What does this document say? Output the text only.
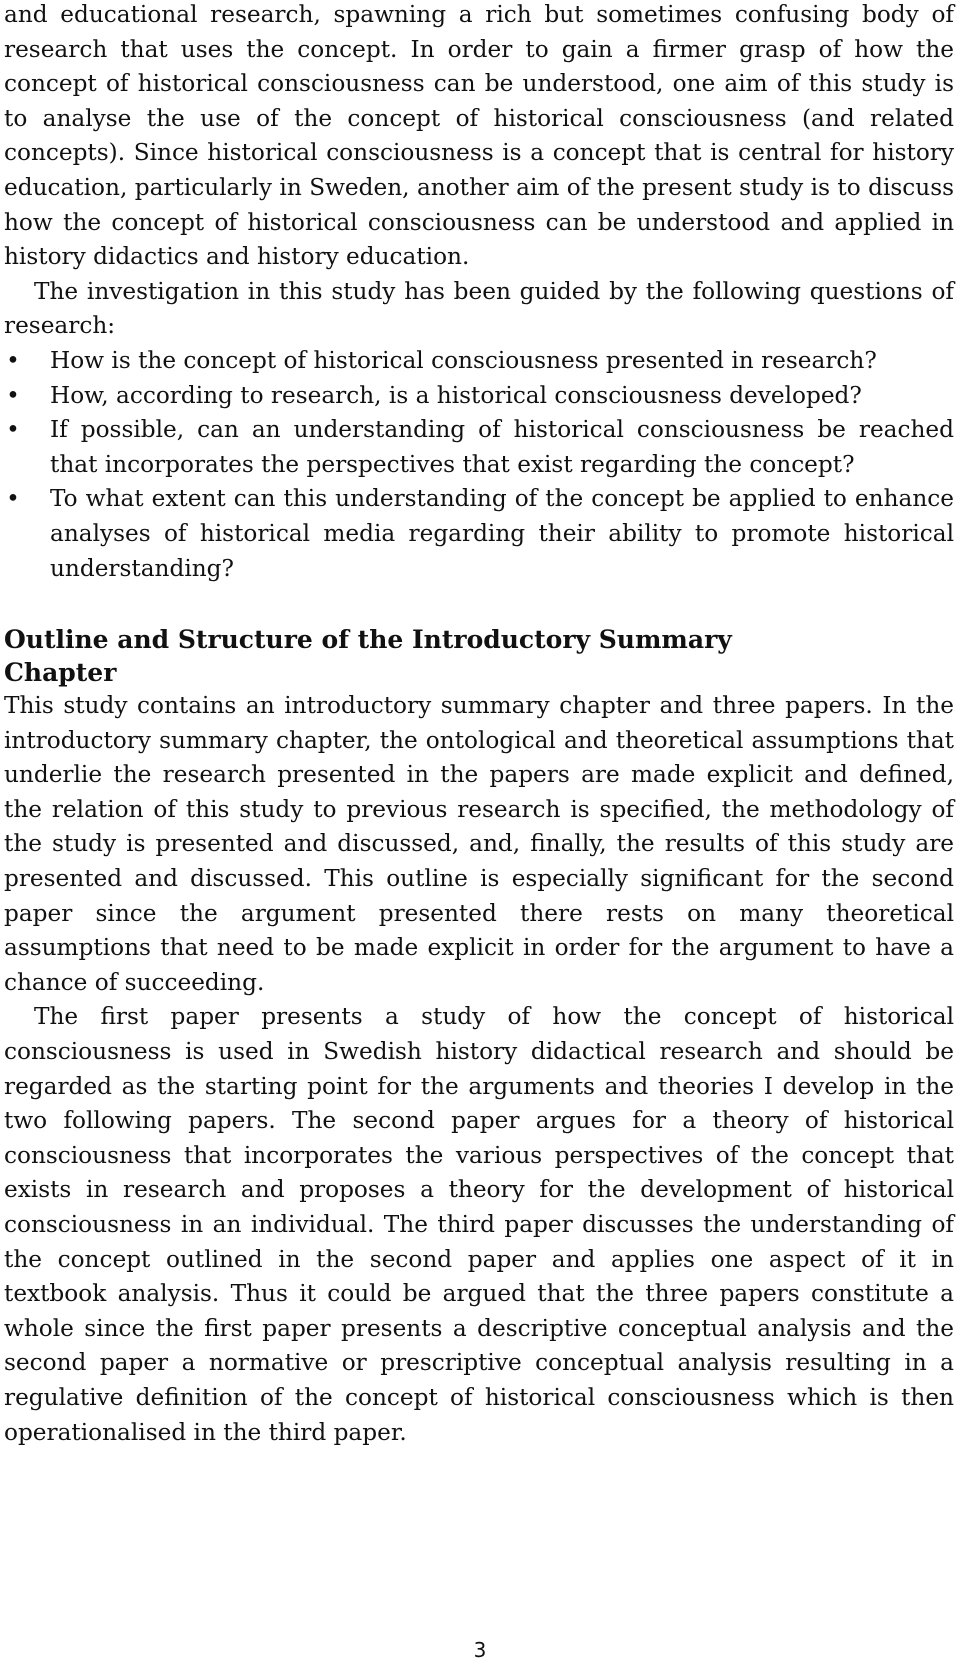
and educational research, spawning a rich but sometimes confusing body of research that uses the concept. In order to gain a firmer grasp of how the concept of historical consciousness can be understood, one aim of this study is to analyse the use of the concept of historical consciousness (and related concepts). Since historical consciousness is a concept that is central for history education, particularly in Sweden, another aim of the present study is to discuss how the concept of historical consciousness can be understood and applied in history didactics and history education.

The investigation in this study has been guided by the following questions of research:

• How is the concept of historical consciousness presented in research?
• How, according to research, is a historical consciousness developed?
• If possible, can an understanding of historical consciousness be reached that incorporates the perspectives that exist regarding the concept?
• To what extent can this understanding of the concept be applied to enhance analyses of historical media regarding their ability to promote historical understanding?
Outline and Structure of the Introductory Summary Chapter

This study contains an introductory summary chapter and three papers. In the introductory summary chapter, the ontological and theoretical assumptions that underlie the research presented in the papers are made explicit and defined, the relation of this study to previous research is specified, the methodology of the study is presented and discussed, and, finally, the results of this study are presented and discussed. This outline is especially significant for the second paper since the argument presented there rests on many theoretical assumptions that need to be made explicit in order for the argument to have a chance of succeeding.

The first paper presents a study of how the concept of historical consciousness is used in Swedish history didactical research and should be regarded as the starting point for the arguments and theories I develop in the two following papers. The second paper argues for a theory of historical consciousness that incorporates the various perspectives of the concept that exists in research and proposes a theory for the development of historical consciousness in an individual. The third paper discusses the understanding of the concept outlined in the second paper and applies one aspect of it in textbook analysis. Thus it could be argued that the three papers constitute a whole since the first paper presents a descriptive conceptual analysis and the second paper a normative or prescriptive conceptual analysis resulting in a regulative definition of the concept of historical consciousness which is then operationalised in the third paper.

3
